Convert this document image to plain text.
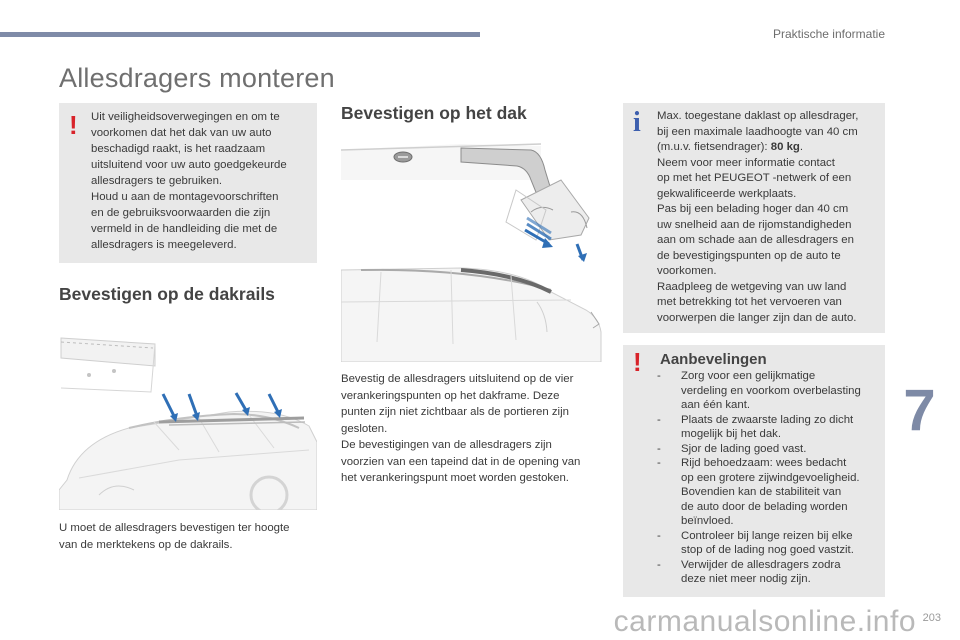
Praktische informatie
Allesdragers monteren
! Uit veiligheidsoverwegingen en om te

voorkomen dat het dak van uw auto

beschadigd raakt, is het raadzaam

uitsluitend voor uw auto goedgekeurde

allesdragers te gebruiken.

Houd u aan de montagevoorschriften

en de gebruiksvoorwaarden die zijn

vermeld in de handleiding die met de

allesdragers is meegeleverd.

Bevestigen op de dakrails
U moet de allesdragers bevestigen ter hoogte
van de merktekens op de dakrails.
Bevestigen op het dak
Bevestig de allesdragers uitsluitend op de vier
verankeringspunten op het dakframe. Deze
punten zijn niet zichtbaar als de portieren zijn
gesloten.
De bevestigingen van de allesdragers zijn
voorzien van een tapeind dat in de opening van
het verankeringspunt moet worden gestoken.
i Max. toegestane daklast op allesdrager,

bij een maximale laadhoogte van 40 cm

(m.u.v. fietsendrager): 80 kg.

Neem voor meer informatie contact

op met het PEUGEOT -netwerk of een

gekwalificeerde werkplaats.

Pas bij een belading hoger dan 40 cm

uw snelheid aan de rijomstandigheden

aan om schade aan de allesdragers en

de bevestigingspunten op de auto te

voorkomen.

Raadpleeg de wetgeving van uw land

met betrekking tot het vervoeren van

voorwerpen die langer zijn dan de auto.

! Aanbevelingen
- Zorg voor een gelijkmatige
verdeling en voorkom overbelasting
aan één kant.
- Plaats de zwaarste lading zo dicht
mogelijk bij het dak.
- Sjor de lading goed vast.
- Rijd behoedzaam: wees bedacht
op een grotere zijwindgevoeligheid.
Bovendien kan de stabiliteit van
de auto door de belading worden
beïnvloed.
- Controleer bij lange reizen bij elke
stop of de lading nog goed vastzit.
- Verwijder de allesdragers zodra
deze niet meer nodig zijn.
7
203
carmanualsonline.info
